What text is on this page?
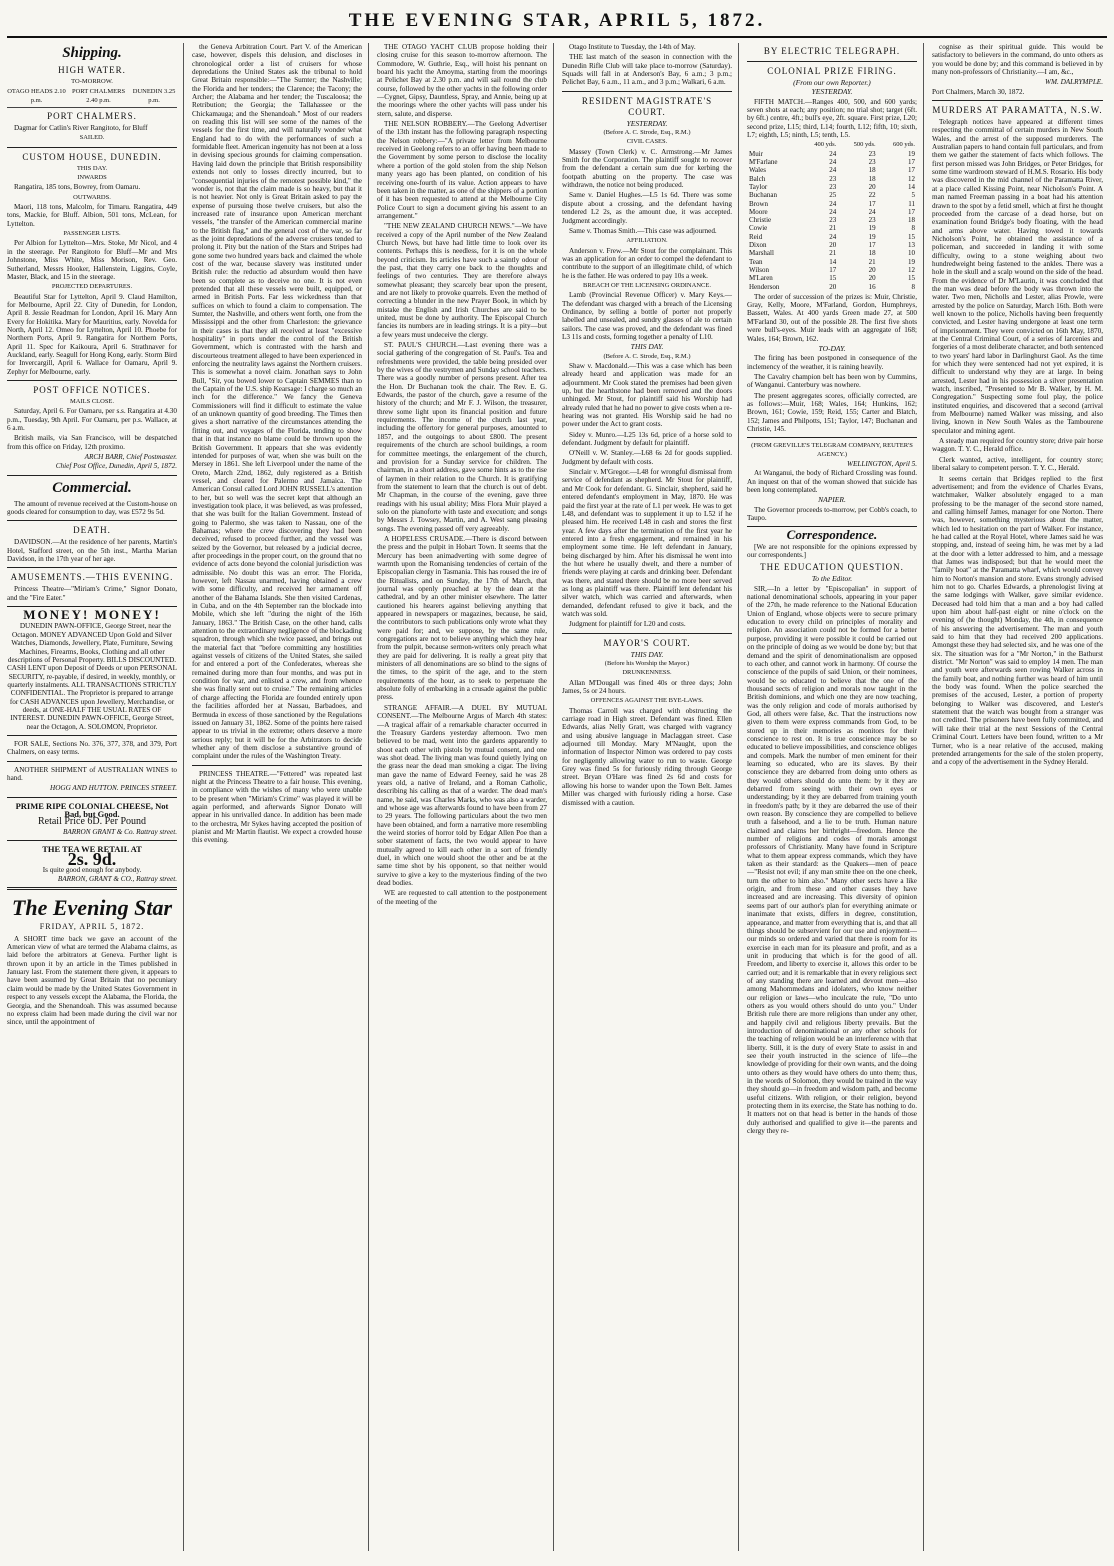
THE EVENING STAR, APRIL 5, 1872.
Shipping.
HIGH WATER.
TO-MORROW.
OTAGO HEADS 2.10 p.m.
PORT CHALMERS 2.40 p.m.
DUNEDIN 3.25 p.m.
PORT CHALMERS.

Dagmar for Catlin's River Rangitoto, for Bluff

SAILED.
CUSTOM HOUSE, DUNEDIN.
THIS DAY.
INWARDS

Rangatira, 185 tons, Bowrey, from Oamaru.

OUTWARDS.

Maori, 118 tons, Malcolm, for Timaru. Rangatira, 449 tons, Mackie, for Bluff. Albion, 501 tons, McLean, for Lyttelton.

PASSENGER LISTS.

Per Albion for Lyttelton—Mrs. Stoke, Mr Nicol, and 4 in the steerage. Per Rangitoto for Bluff—Mr and Mrs Johnstone, Miss White, Miss Morison, Rev. Geo. Sutherland, Messrs Hooker, Hallenstein, Liggins, Coyle, Master, Black, and 15 in the steerage.

PROJECTED DEPARTURES.

Beautiful Star for Lyttelton, April 9. Claud Hamilton, for Melbourne, April 22. City of Dunedin, for London, April 8. Jessie Readman for London, April 16. Mary Ann Every for Hokitika. Mary for Mauritius, early. Novelda for North, April 12. Omeo for Lyttelton, April 10. Phoebe for Northern Ports, April 9. Rangatira for Northern Ports, April 11. Spec for Kaikoura, April 6. Strathnaver for Auckland, early. Seagull for Hong Kong, early. Storm Bird for Invercargill, April 6. Wallace for Oamaru, April 9. Zephyr for Melbourne, early.

POST OFFICE NOTICES.
MAILS CLOSE.

Saturday, April 6. For Oamaru, per s.s. Rangatira at 4.30 p.m., Tuesday, 9th April. For Oamaru, per p.s. Wallace, at 6 a.m.

British mails, via San Francisco, will be despatched from this office on Friday, 12th proximo.

ARCH BARR, Chief Postmaster.
Chief Post Office, Dunedin, April 5, 1872.
Commercial.

The amount of revenue received at the Custom-house on goods cleared for consumption to day, was £572 9s 5d.

DEATH.

DAVIDSON.—At the residence of her parents, Martin's Hotel, Stafford street, on the 5th inst., Martha Marian Davidson, in the 17th year of her age.

AMUSEMENTS.—THIS EVENING.

Princess Theatre—"Miriam's Crime," Signor Donato, and the "Fire Eater."

MONEY! MONEY!

DUNEDIN PAWN-OFFICE, George Street, near the Octagon. MONEY ADVANCED Upon Gold and Silver Watches, Diamonds, Jewellery, Plate, Furniture, Sewing Machines, Firearms, Books, Clothing and all other descriptions of Personal Property. BILLS DISCOUNTED. CASH LENT upon Deposit of Deeds or upon PERSONAL SECURITY, re-payable, if desired, in weekly, monthly, or quarterly instalments. ALL TRANSACTIONS STRICTLY CONFIDENTIAL. The Proprietor is prepared to arrange for CASH ADVANCES upon Jewellery, Merchandise, or deeds, at ONE-HALF THE USUAL RATES OF INTEREST. DUNEDIN PAWN-OFFICE, George Street, near the Octagon, A. SOLOMON, Proprietor.

FOR SALE, Sections No. 376, 377, 378, and 379, Port Chalmers, on easy terms.

ANOTHER SHIPMENT of AUSTRALIAN WINES to hand.

HOGG AND HUTTON. PRINCES STREET.
PRIME RIPE COLONIAL CHEESE, Not Bad, but Good.
Retail Price 6D. Per Pound
BARRON GRANT & Co. Rattray street.
THE TEA WE RETAIL AT
2s. 9d.
Is quite good enough for anybody.
BARRON, GRANT & CO., Rattray street.
The Evening Star
FRIDAY, APRIL 5, 1872.

A SHORT time back we gave an account of the American view of what are termed the Alabama claims, as laid before the arbitrators at Geneva. Further light is thrown upon it by an article in the Times published in January last. From the statement there given, it appears to have been assumed by Great Britain that no pecuniary claim would be made by the United States Government in respect to any vessels except the Alabama, the Florida, the Georgia, and the Shenandoah. This was assumed because no express claim had been made during the civil war nor since, until the appointment of

the Geneva Arbitration Court. Part V. of the American case, however, dispels this delusion, and discloses in chronological order a list of cruisers for whose depredations the United States ask the tribunal to hold Great Britain responsible:—"The Sumter; the Nashville; the Florida and her tenders; the Clarence; the Tacony; the Archer; the Alabama and her tender; the Tuscaloosa; the Retribution; the Georgia; the Tallahassee or the Chickamauga; and the Shenandoah." Most of our readers on reading this list will see some of the names of the vessels for the first time, and will naturally wonder what England had to do with the performances of such a formidable fleet. American ingenuity has not been at a loss in devising specious grounds for claiming compensation. Having laid down the principle that British responsibility extends not only to losses directly incurred, but to "consequential injuries of the remotest possible kind," the wonder is, not that the claim made is so heavy, but that it is not heavier. Not only is Great Britain asked to pay the expense of pursuing those twelve cruisers, but also the increased rate of insurance upon American merchant vessels, "the transfer of the American commercial marine to the British flag," and the general cost of the war, so far as the joint depredations of the adverse cruisers tended to prolong it. Pity but the nation of the Stars and Stripes had gone some two hundred years back and claimed the whole cost of the war, because slavery was instituted under British rule: the reductio ad absurdum would then have been so complete as to deceive no one. It is not even pretended that all these vessels were built, equipped, or armed in British Ports. Far less wickedness than that suffices on which to found a claim to compensation. The Sumter, the Nashville, and others went forth, one from the Mississippi and the other from Charleston: the grievance in their cases is that they all received at least "excessive hospitality" in ports under the control of the British Government, which is contrasted with the harsh and discourteous treatment alleged to have been experienced in enforcing the neutrality laws against the Northern cruisers. This is somewhat a novel claim. Jonathan says to John Bull, "Sir, you bowed lower to Captain SEMMES than to the Captain of the U.S. ship Kearsage: I charge so much an inch for the difference." We fancy the Geneva Commissioners will find it difficult to estimate the value of an unknown quantity of good breeding. The Times then gives a short narrative of the circumstances attending the fitting out, and voyages of the Florida, tending to show that in that instance no blame could be thrown upon the British Government. It appears that she was evidently intended for purposes of war, when she was built on the Mersey in 1861. She left Liverpool under the name of the Oreto, March 22nd, 1862, duly registered as a British vessel, and cleared for Palermo and Jamaica. The American Consul called Lord JOHN RUSSELL's attention to her, but so well was the secret kept that although an investigation took place, it was believed, as was professed, that she was built for the Italian Government. Instead of going to Palermo, she was taken to Nassau, one of the Bahamas; where the crew discovering they had been deceived, refused to proceed further, and the vessel was seized by the Governor, but released by a judicial decree, after proceedings in the proper court, on the ground that no evidence of acts done beyond the colonial jurisdiction was admissible. No doubt this was an error. The Florida, however, left Nassau unarmed, having obtained a crew with some difficulty, and received her armament off another of the Bahama Islands. She then visited Cardenas, in Cuba, and on the 4th September ran the blockade into Mobile, which she left "during the night of the 16th January, 1863." The British Case, on the other hand, calls attention to the extraordinary negligence of the blockading squadron, through which she twice passed, and brings out the material fact that "before committing any hostilities against vessels of citizens of the United States, she sailed for and entered a port of the Confederates, whereas she remained during more than four months, and was put in condition for war, and enlisted a crew, and from whence she was finally sent out to cruise." The remaining articles of charge affecting the Florida are founded entirely upon the facilities afforded her at Nassau, Barbadoes, and Bermuda in excess of those sanctioned by the Regulations issued on January 31, 1862. Some of the points here raised appear to us trivial in the extreme; others deserve a more serious reply; but it will be for the Arbitrators to decide whether any of them disclose a substantive ground of complaint under the rules of the Washington Treaty.

PRINCESS THEATRE.—"Fettered" was repeated last night at the Princess Theatre to a fair house. This evening, in compliance with the wishes of many who were unable to be present when "Miriam's Crime" was played it will be again performed, and afterwards Signor Donato will appear in his unrivalled dance. In addition has been made to the orchestra, Mr Sykes having accepted the position of pianist and Mr Martin flautist. We expect a crowded house this evening.

THE OTAGO YACHT CLUB propose holding their closing cruise for this season to-morrow afternoon. The Commodore, W. Guthrie, Esq., will hoist his pennant on board his yacht the Amoyma, starting from the moorings at Pelichet Bay at 2.30 p.m. and will sail round the club course, followed by the other yachts in the following order—Cygnet, Gipsy, Dauntless, Spray, and Annie, being up at the moorings where the other yachts will pass under his stern, salute, and disperse.

THE NELSON ROBBERY.—The Geelong Advertiser of the 13th instant has the following paragraph respecting the Nelson robbery:—"A private letter from Melbourne received in Geelong refers to an offer having been made to the Government by some person to disclose the locality where a portion of the gold stolen from the ship Nelson many years ago has been planted, on condition of his receiving one-fourth of its value. Action appears to have been taken in the matter, as one of the shippers of a portion of it has been requested to attend at the Melbourne City Police Court to sign a document giving his assent to an arrangement."

"THE NEW ZEALAND CHURCH NEWS."—We have received a copy of the April number of the New Zealand Church News, but have had little time to look over its contents. Perhaps this is needless, for it is on the whole beyond criticism. Its articles have such a saintly odour of the past, that they carry one back to the thoughts and feelings of two centuries. They are therefore always somewhat pleasant; they scarcely bear upon the present, and are not likely to provoke quarrels. Even the method of correcting a blunder in the new Prayer Book, in which by mistake the English and Irish Churches are said to be united, must be done by authority. The Episcopal Church fancies its numbers are in leading strings. It is a pity—but a few years must undeceive the clergy.

ST. PAUL'S CHURCH.—Last evening there was a social gathering of the congregation of St. Paul's. Tea and refreshments were provided, the table being presided over by the wives of the vestrymen and Sunday school teachers. There was a goodly number of persons present. After tea the Hon. Dr Buchanan took the chair. The Rev. E. G. Edwards, the pastor of the church, gave a resume of the history of the church; and Mr F. J. Wilson, the treasurer, threw some light upon its financial position and future requirements. The income of the church last year, including the offertory for general purposes, amounted to 1857, and the outgoings to about £800. The present requirements of the church are school buildings, a room for committee meetings, the enlargement of the church, and provision for a Sunday service for children. The chairman, in a short address, gave some hints as to the rise of laymen in their relation to the Church. It is gratifying from the statement to learn that the church is out of debt. Mr Chapman, in the course of the evening, gave three readings with his usual ability; Miss Flora Muir played a solo on the pianoforte with taste and execution; and songs by Messrs J. Towsey, Martin, and A. West sang pleasing songs. The evening passed off very agreeably.

A HOPELESS CRUSADE.—There is discord between the press and the pulpit in Hobart Town. It seems that the Mercury has been animadverting with some degree of warmth upon the Romanising tendencies of certain of the Episcopalian clergy in Tasmania. This has roused the ire of the Ritualists, and on Sunday, the 17th of March, that journal was openly preached at by the dean at the cathedral, and by an other minister elsewhere. The latter cautioned his hearers against believing anything that appeared in newspapers or magazines, because, he said, the contributors to such publications only wrote what they were paid for; and, we suppose, by the same rule, congregations are not to believe anything which they hear from the pulpit, because sermon-writers only preach what they are paid for delivering. It is really a great pity that ministers of all denominations are so blind to the signs of the times, to the spirit of the age, and to the stern requirements of the hour, as to seek to perpetuate the absolute folly of embarking in a crusade against the public press.

STRANGE AFFAIR.—A DUEL BY MUTUAL CONSENT.—The Melbourne Argus of March 4th states:—A tragical affair of a remarkable character occurred in the Treasury Gardens yesterday afternoon. Two men believed to be mad, went into the gardens apparently to shoot each other with pistols by mutual consent, and one was shot dead. The living man was found quietly lying on the grass near the dead man smoking a cigar. The living man gave the name of Edward Feeney, said he was 28 years old, a native of Ireland, and a Roman Catholic, describing his calling as that of a warder. The dead man's name, he said, was Charles Marks, who was also a warder, and whose age was afterwards found to have been from 27 to 29 years. The following particulars about the two men have been obtained, and form a narrative more resembling the weird stories of horror told by Edgar Allen Poe than a sober statement of facts, the two would appear to have mutually agreed to kill each other in a sort of friendly duel, in which one would shoot the other and be at the same time shot by his opponent, so that neither would survive to give a key to the mysterious finding of the two dead bodies.

WE are requested to call attention to the postponement of the meeting of the

Otago Institute to Tuesday, the 14th of May.

THE last match of the season in connection with the Dunedin Rifle Club will take place to-morrow (Saturday). Squads will fall in at Anderson's Bay, 6 a.m.; 3 p.m.; Pelichet Bay, 6 a.m., 11 a.m., and 3 p.m.; Walkari, 6 a.m.

RESIDENT MAGISTRATE'S COURT.
YESTERDAY.
(Before A. C. Strode, Esq., R.M.)
CIVIL CASES.

Massey (Town Clerk) v. C. Armstrong.—Mr James Smith for the Corporation. The plaintiff sought to recover from the defendant a certain sum due for kerbing the footpath abutting on the property. The case was withdrawn, the notice not being produced.

Same v. Daniel Hughes.—L5 1s 6d. There was some dispute about a crossing, and the defendant having tendered L2 2s, as the amount due, it was accepted. Judgment accordingly.

Same v. Thomas Smith.—This case was adjourned.

AFFILIATION.

Anderson v. Frew.—Mr Stout for the complainant. This was an application for an order to compel the defendant to contribute to the support of an illegitimate child, of which he is the father. He was ordered to pay 10s a week.

BREACH OF THE LICENSING ORDINANCE.

Lamb (Provincial Revenue Officer) v. Mary Keys.—The defendant was charged with a breach of the Licensing Ordinance, by selling a bottle of porter not properly labelled and unsealed, and sundry glasses of ale to certain sailors. The case was proved, and the defendant was fined L3 11s and costs, forming together a penalty of L10.

THIS DAY.
(Before A. C. Strode, Esq., R.M.)

Shaw v. Macdonald.—This was a case which has been already heard and application was made for an adjournment. Mr Cook stated the premises had been given up, but the hearthstone had been removed and the doors unhinged. Mr Stout, for plaintiff said his Worship had already ruled that he had no power to give costs when a re-hearing was not granted. His Worship said he had no power under the Act to grant costs.

Sidey v. Munro.—L25 13s 6d, price of a horse sold to defendant. Judgment by default for plaintiff.

O'Neill v. W. Stanley.—L68 6s 2d for goods supplied. Judgment by default with costs.

Sinclair v. M'Gregor.—L48 for wrongful dismissal from service of defendant as shepherd. Mr Stout for plaintiff, and Mr Cook for defendant. G. Sinclair, shepherd, said he entered defendant's employment in May, 1870. He was paid the first year at the rate of L1 per week. He was to get L48, and defendant was to supplement it up to L52 if he pleased him. He received L48 in cash and stores the first year. A few days after the termination of the first year he entered into a fresh engagement, and remained in his employment some time. He left defendant in January, being discharged by him. After his dismissal he went into the hut where he usually dwelt, and there a number of friends were playing at cards and drinking beer. Defendant was there, and stated there should be no more beer served as long as plaintiff was there. Plaintiff lent defendant his silver watch, which was carried and afterwards, when demanded, defendant refused to give it back, and the watch was sold.

Judgment for plaintiff for L20 and costs.

MAYOR'S COURT.
THIS DAY.
(Before his Worship the Mayor.)
DRUNKENNESS.

Allan M'Dougall was fined 40s or three days; John James, 5s or 24 hours.

OFFENCES AGAINST THE BYE-LAWS.

Thomas Carroll was charged with obstructing the carriage road in High street. Defendant was fined. Ellen Edwards, alias Nelly Gratt, was charged with vagrancy and using abusive language in Maclaggan street. Case adjourned till Monday. Mary M'Naught, upon the information of Inspector Nimon was ordered to pay costs for negligently allowing water to run to waste. George Grey was fined 5s for furiously riding through George street. Bryan O'Hare was fined 2s 6d and costs for allowing his horse to wander upon the Town Belt. James Miller was charged with furiously riding a horse. Case dismissed with a caution.

BY ELECTRIC TELEGRAPH.
COLONIAL PRIZE FIRING.
(From our own Reporter.)
YESTERDAY.

FIFTH MATCH.—Ranges 400, 500, and 600 yards; seven shots at each; any position; no trial shot; target (6ft. by 6ft.) centre, 4ft.; bull's eye, 2ft. square. First prize, L20; second prize, L15; third, L14; fourth, L12; fifth, 10; sixth, L7; eighth, L5; ninth, L5; tenth, L5.

	400 yds.	500 yds.	600 yds.
Muir	24	23	19
M'Farlane	24	23	17
Wales	24	18	17
Balch	23	18	12
Taylor	23	20	14
Buchanan	25	22	5
Brown	24	17	11
Moore	24	24	17
Christie	23	23	18
Cowie	21	19	8
Reid	24	19	15
Dixon	20	17	13
Marshall	21	18	10
Tean	14	21	19
Wilson	17	20	12
M'Laren	15	20	15
Henderson	20	16	8

The order of succession of the prizes is: Muir, Christie, Gray, Kelly, Moore, M'Farland, Gordon, Humphreys, Bassett, Wales. At 400 yards Green made 27, at 500 M'Farland 30, out of the possible 28. The first five shots were bull's-eyes. Muir leads with an aggregate of 168; Wales, 164; Brown, 162.

TO-DAY.

The firing has been postponed in consequence of the inclemency of the weather, it is raining heavily.

The Cavalry champion belt has been won by Cummins, of Wanganui. Canterbury was nowhere.

The present aggregates scores, officially corrected, are as follows:—Muir, 168; Wales, 164; Hunkins, 162; Brown, 161; Cowie, 159; Reid, 155; Carter and Blatch, 152; James and Philpotts, 151; Taylor, 147; Buchanan and Christie, 145.

(FROM GREVILLE'S TELEGRAM COMPANY, REUTER'S AGENCY.)
WELLINGTON, April 5.

At Wanganui, the body of Richard Crossling was found. An inquest on that of the woman showed that suicide has been long contemplated.

NAPIER.

The Governor proceeds to-morrow, per Cobb's coach, to Taupo.

Correspondence.

[We are not responsible for the opinions expressed by our correspondents.]

THE EDUCATION QUESTION.
To the Editor.

SIR,—In a letter by "Episcopalian" in support of national denominational schools, appearing in your paper of the 27th, he made reference to the National Education Union of England, whose objects were to secure primary education to every child on principles of morality and religion. An association could not be formed for a better purpose, providing it were possible it could be carried out on the principle of doing as we would be done by; but that demand and the spirit of denominationalism are opposed to each other, and cannot work in harmony. Of course the conscience of the pupils of said Union, or their nominees, would be so educated to believe that the one of the thousand sects of religion and morals now taught in the British dominions, and which one they are now teaching, was the only religion and code of morals authorised by God, all others were false, &c. That the instructions now given to them were express commands from God, to be stored up in their memories as monitors for their conscience to rest on. It is true conscience may be so educated to believe impossibilities, and conscience obliges and compels. Mark the number of men eminent for their learning so educated, who are its slaves. By their conscience they are debarred from doing unto others as they would others should do unto them: by it they are debarred from seeing with their own eyes or understanding; by it they are debarred from training youth in freedom's path; by it they are debarred the use of their own reason. By conscience they are compelled to believe truth a falsehood, and a lie to be truth. Human nature claimed and claims her birthright—freedom. Hence the number of religions and codes of morals amongst professors of Christianity. Many have found in Scripture what to them appear express commands, which they have taken as their standard: as the Quakers—men of peace—"Resist not evil; if any man smite thee on the one cheek, turn the other to him also." Many other sects have a like origin, and from these and other causes they have increased and are increasing. This diversity of opinion seems part of our author's plan for everything animate or inanimate that exists, differs in degree, constitution, appearance, and matter from everything that is, and that all things should be subservient for our use and enjoyment—our minds so ordered and varied that there is room for its exercise in each man for its pleasure and profit, and as a unit in producing that which is for the good of all. Freedom, and liberty to exercise it, allows this order to be carried out; and it is remarkable that in every religious sect of any standing there are learned and devout men—also among Mahommedans and idolaters, who know neither our religion or laws—who inculcate the rule, "Do unto others as you would others should do unto you." Under British rule there are more religions than under any other, and happily civil and religious liberty prevails. But the introduction of denominational or any other schools for the teaching of religion would be an interference with that liberty. Still, it is the duty of every State to assist in and see their youth instructed in the science of life—the knowledge of providing for their own wants, and the doing unto others as they would have others do unto them; thus, in the words of Solomon, they would be trained in the way they should go—in freedom and wisdom path, and become useful citizens. With religion, or their religion, beyond protecting them in its exercise, the State has nothing to do. It matters not on that head is better in the hands of those duly authorised and qualified to give it—the parents and clergy they re-

cognise as their spiritual guide. This would be satisfactory to believers in the command, do unto others as you would be done by; and this command is believed in by many non-professors of Christianity.—I am, &c.,

WM. DALRYMPLE.
Port Chalmers, March 30, 1872.
MURDERS AT PARAMATTA, N.S.W.

Telegraph notices have appeared at different times respecting the committal of certain murders in New South Wales, and the arrest of the supposed murderers. The Australian papers to hand contain full particulars, and from them we gather the statement of facts which follows. The first person missed was John Bridges, or Peter Bridges, for some time wardroom steward of H.M.S. Rosario. His body was discovered in the mid channel of the Paramatta River, at a place called Kissing Point, near Nicholson's Point. A man named Freeman passing in a boat had his attention drawn to the spot by a fetid smell, which at first he thought proceeded from the carcase of a dead horse, but on examination found Bridge's body floating, with the head and arms above water. Having towed it towards Nicholson's Point, he obtained the assistance of a policeman, and succeeded in landing it with some difficulty, owing to a stone weighing about two hundredweight being fastened to the ankles. There was a hole in the skull and a scalp wound on the side of the head. From the evidence of Dr M'Laurin, it was concluded that the man was dead before the body was thrown into the water. Two men, Nicholls and Lester, alias Prowle, were arrested by the police on Saturday, March 16th. Both were well known to the police, Nicholls having been frequently convicted, and Lester having undergone at least one term of imprisonment. They were convicted on 16th May, 1870, at the Central Criminal Court, of a series of larcenies and forgeries of a most deliberate character, and both sentenced to two years' hard labor in Darlinghurst Gaol. As the time for which they were sentenced had not yet expired, it is difficult to understand why they are at large. In being arrested, Lester had in his possession a silver presentation watch, inscribed, "Presented to Mr B. Walker, by H. M. Congregation." Suspecting some foul play, the police instituted enquiries, and discovered that a second (arrival from Melbourne) named Walker was missing, and also living, known in New South Wales as the Tambourene speculator and mining agent.

A steady man required for country store; drive pair horse waggon. T. Y. C., Herald office.

Clerk wanted, active, intelligent, for country store; liberal salary to competent person. T. Y. C., Herald.

It seems certain that Bridges replied to the first advertisement; and from the evidence of Charles Evans, watchmaker, Walker absolutely engaged to a man professing to be the manager of the second store named, and calling himself James, manager for one Norton. There was, however, something mysterious about the matter, which led to hesitation on the part of Walker. For instance, he had called at the Royal Hotel, where James said he was stopping, and, instead of seeing him, he was met by a lad at the door with a letter addressed to him, and a message that James was indisposed; but that he would meet the "family boat" at the Paramatta wharf, which would convey him to Norton's mansion and store. Evans strongly advised him not to go. Charles Edwards, a phrenologist living at the same lodgings with Walker, gave similar evidence. Deceased had told him that a man and a boy had called upon him about half-past eight or nine o'clock on the evening of (he thought) Monday, the 4th, in consequence of his answering the advertisement. The man and youth said to him that they had received 200 applications. Amongst these they had selected six, and he was one of the six. The situation was for a "Mr Norton," in the Bathurst district. "Mr Norton" was said to employ 14 men. The man and youth were afterwards seen rowing Walker across in the family boat, and nothing further was heard of him until the body was found. When the police searched the premises of the accused, Lester, a portion of property belonging to Walker was discovered, and Lester's statement that the watch was bought from a stranger was not credited. The prisoners have been fully committed, and will take their trial at the next Sessions of the Central Criminal Court. Letters have been found, written to a Mr Turner, who is a near relative of the accused, making pretended arrangements for the sale of the stolen property, and a copy of the advertisement in the Sydney Herald.
